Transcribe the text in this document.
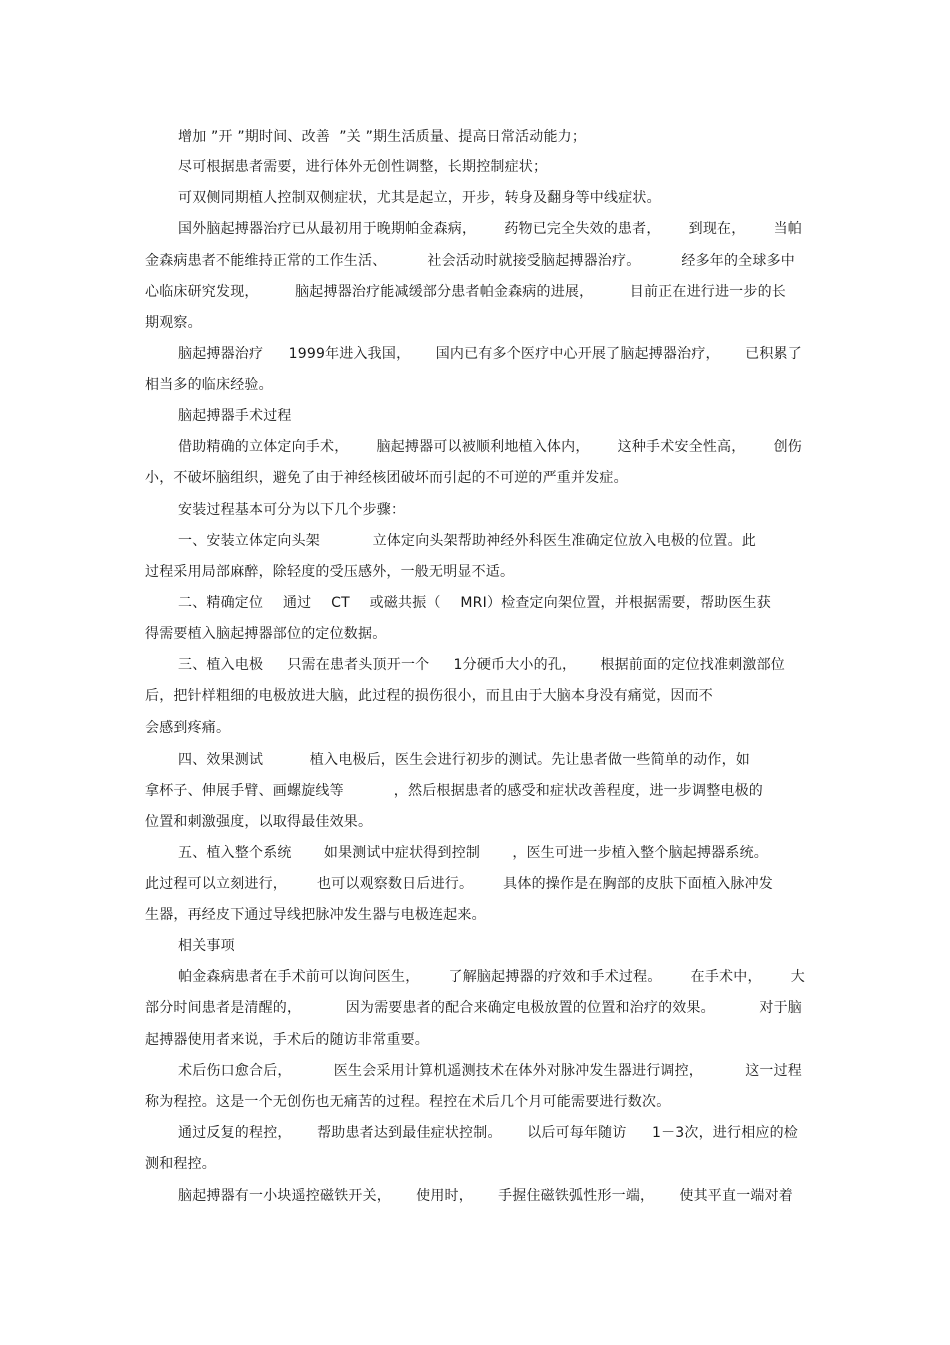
增加 ”开 ”期时间、改善  ”关 ”期生活质量、提高日常活动能力；
尽可根据患者需要，进行体外无创性调整，长期控制症状；
可双侧同期植人控制双侧症状，尤其是起立，开步，转身及翻身等中线症状。
国外脑起搏器治疗已从最初用于晚期帕金森病， 药物已完全失效的患者， 到现在， 当帕
金森病患者不能维持正常的工作生活、	社会活动时就接受脑起搏器治疗。	经多年的全球多中
心临床研究发现，	脑起搏器治疗能减缓部分患者帕金森病的进展，	目前正在进行进一步的长
期观察。
脑起搏器治疗 1999年进入我国， 国内已有多个医疗中心开展了脑起搏器治疗， 已积累了
相当多的临床经验。
脑起搏器手术过程
借助精确的立体定向手术， 脑起搏器可以被顺利地植入体内， 这种手术安全性高， 创伤
小，不破坏脑组织，避免了由于神经核团破坏而引起的不可逆的严重并发症。
安装过程基本可分为以下几个步骤：
一、安装立体定向头架	立体定向头架帮助神经外科医生准确定位放入电极的位置。此
过程采用局部麻醉，除轻度的受压感外，一般无明显不适。
二、精确定位 通过 CT 或磁共振（ MRI）检查定向架位置，并根据需要，帮助医生获
得需要植入脑起搏器部位的定位数据。
三、植入电极 只需在患者头顶开一个 1分硬币大小的孔， 根据前面的定位找准刺激部位
后，把针样粗细的电极放进大脑，此过程的损伤很小，而且由于大脑本身没有痛觉，因而不
会感到疼痛。
四、效果测试	植入电极后，医生会进行初步的测试。先让患者做一些简单的动作，如
拿杯子、伸展手臂、画螺旋线等	，然后根据患者的感受和症状改善程度，进一步调整电极的
位置和刺激强度，以取得最佳效果。
五、植入整个系统 如果测试中症状得到控制 ，医生可进一步植入整个脑起搏器系统。
此过程可以立刻进行， 也可以观察数日后进行。 具体的操作是在胸部的皮肤下面植入脉冲发
生器，再经皮下通过导线把脉冲发生器与电极连起来。
相关事项
帕金森病患者在手术前可以询问医生， 了解脑起搏器的疗效和手术过程。 在手术中， 大
部分时间患者是清醒的，	因为需要患者的配合来确定电极放置的位置和治疗的效果。	对于脑
起搏器使用者来说，手术后的随访非常重要。
术后伤口愈合后，	医生会采用计算机遥测技术在体外对脉冲发生器进行调控，	这一过程
称为程控。这是一个无创伤也无痛苦的过程。程控在术后几个月可能需要进行数次。
通过反复的程控， 帮助患者达到最佳症状控制。 以后可每年随访 1－3次，进行相应的检
测和程控。
脑起搏器有一小块遥控磁铁开关， 使用时， 手握住磁铁弧性形一端， 使其平直一端对着
